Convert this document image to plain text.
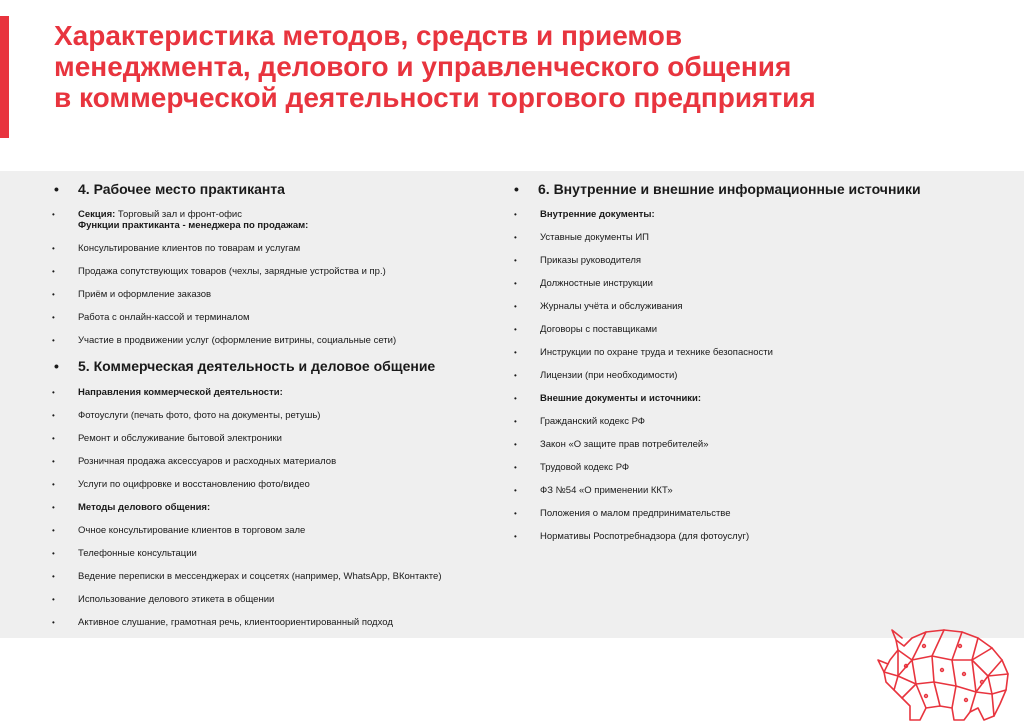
Характеристика методов, средств и приемов
менеджмента, делового и управленческого общения
в коммерческой деятельности торгового предприятия
• 4. Рабочее место практиканта
• Секция: Торговый зал и фронт-офис
Функции практиканта - менеджера по продажам:
• Консультирование клиентов по товарам и услугам
• Продажа сопутствующих товаров (чехлы, зарядные устройства и пр.)
• Приём и оформление заказов
• Работа с онлайн-кассой и терминалом
• Участие в продвижении услуг (оформление витрины, социальные сети)
• 5. Коммерческая деятельность и деловое общение
• Направления коммерческой деятельности:
• Фотоуслуги (печать фото, фото на документы, ретушь)
• Ремонт и обслуживание бытовой электроники
• Розничная продажа аксессуаров и расходных материалов
• Услуги по оцифровке и восстановлению фото/видео
• Методы делового общения:
• Очное консультирование клиентов в торговом зале
• Телефонные консультации
• Ведение переписки в мессенджерах и соцсетях (например, WhatsApp, ВКонтакте)
• Использование делового этикета в общении
• Активное слушание, грамотная речь, клиентоориентированный подход
• 6. Внутренние и внешние информационные источники
• Внутренние документы:
• Уставные документы ИП
• Приказы руководителя
• Должностные инструкции
• Журналы учёта и обслуживания
• Договоры с поставщиками
• Инструкции по охране труда и технике безопасности
• Лицензии (при необходимости)
• Внешние документы и источники:
• Гражданский кодекс РФ
• Закон «О защите прав потребителей»
• Трудовой кодекс РФ
• ФЗ №54 «О применении ККТ»
• Положения о малом предпринимательстве
• Нормативы Роспотребнадзора (для фотоуслуг)
